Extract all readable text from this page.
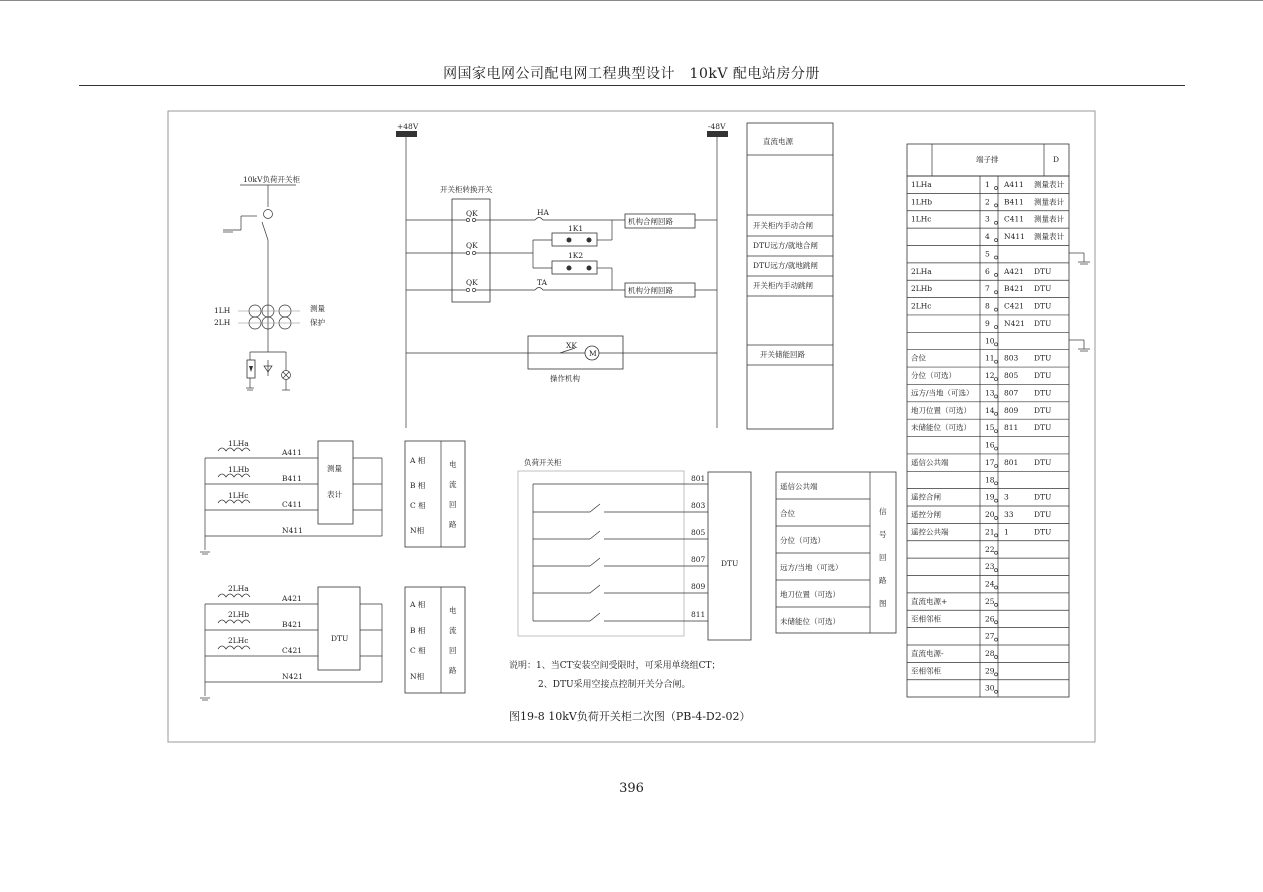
网国家电网公司配电网工程典型设计　10kV 配电站房分册
10kV负荷开关柜
1LH
2LH
测量
保护
+48V	-48V
开关柜转换开关
QK
QK
QK
HA
机构合闸回路
1K1
1K2
TA
机构分闸回路
XK
M
操作机构
直流电源
开关柜内手动合闸
DTU远方/就地合闸
DTU远方/就地跳闸
开关柜内手动跳闸
开关储能回路
1LHa
1LHb
1LHc
A411
B411
C411
N411
测量
表计
A 相
B 相
C 相
N相
电
流
回
路
2LHa
2LHb
2LHc
A421
B421
C421
N421
DTU
A 相
B 相
C 相
N相
电
流
回
路
负荷开关柜
801
803
805
807
809
811
DTU
遥信公共端
合位
分位（可选）
远方/当地（可选）
地刀位置（可选）
未储能位（可选）
信
号
回
路
图
端子排	D
1LHa	1 A411 测量表计
1LHb	2 B411 测量表计
1LHc	3 C411 测量表计
4 N411 测量表计
5
2LHa	6 A421 DTU
2LHb	7 B421 DTU
2LHc	8 C421 DTU
9 N421 DTU
10
合位	11 803 DTU
分位（可选）	12 805 DTU
远方/当地（可选） 13 807 DTU
地刀位置（可选） 14 809 DTU
未储能位（可选） 15 811 DTU
16
遥信公共端	17 801 DTU
18
遥控合闸	19 3	DTU
遥控分闸	20 33	DTU
遥控公共端	21 1	DTU
22
23
24
直流电源+	25
至相邻柜	26
27
直流电源-	28
至相邻柜	29
30
说明：1、当CT安装空间受限时，可采用单绕组CT；
2、DTU采用空接点控制开关分合闸。
图19-8 10kV负荷开关柜二次图（PB-4-D2-02）
396
